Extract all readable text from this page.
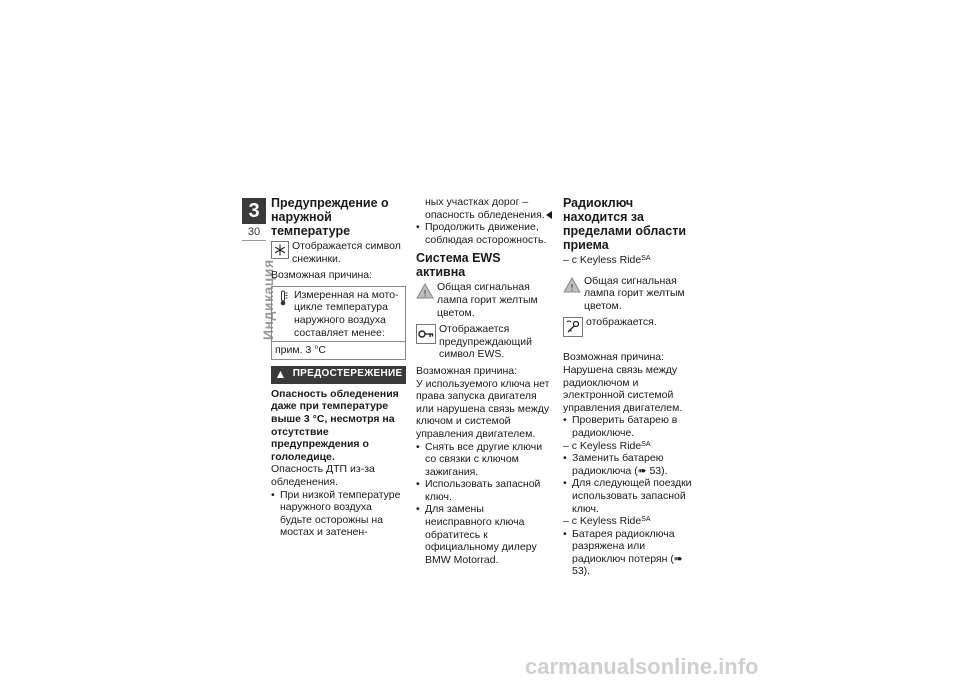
3
30
Индикация
Предупреждение о наружной температуре
Отображается символ снежинки.

Возможная причина:

Измеренная на мотоцикле температура наружного воздуха составляет менее:
прим. 3 °C
▲ ПРЕДОСТЕРЕЖЕНИЕ

Опасность обледенения даже при температуре выше 3 °C, несмотря на отсутствие предупреждения о гололедице.

Опасность ДТП из-за обледенения.

• При низкой температуре наружного воздуха будьте осторожны на мостах и затенен-

ных участках дорог – опасность обледенения.

• Продолжить движение, соблюдая осторожность.
Система EWS активна
!
Общая сигнальная лампа горит желтым цветом.
Отображается предупреждающий символ EWS.

Возможная причина:

У используемого ключа нет права запуска двигателя или нарушена связь между ключом и системой управления двигателем.

• Снять все другие ключи со связки с ключом зажигания.
• Использовать запасной ключ.
• Для замены неисправного ключа обратитесь к официальному дилеру BMW Motorrad.
Радиоключ находится за пределами области приема

– с Keyless Ride$^{SA}$

!
Общая сигнальная лампа горит желтым цветом.
отображается.

Возможная причина:

Нарушена связь между радиоключом и электронной системой управления двигателем.

• Проверить батарею в радиоключе.

– с Keyless Ride$^{SA}$

• Заменить батарею радиоключа (➠ 53).
• Для следующей поездки использовать запасной ключ.

– с Keyless Ride$^{SA}$

• Батарея радиоключа разряжена или радиоключ потерян (➠ 53).
carmanualsonline.info
